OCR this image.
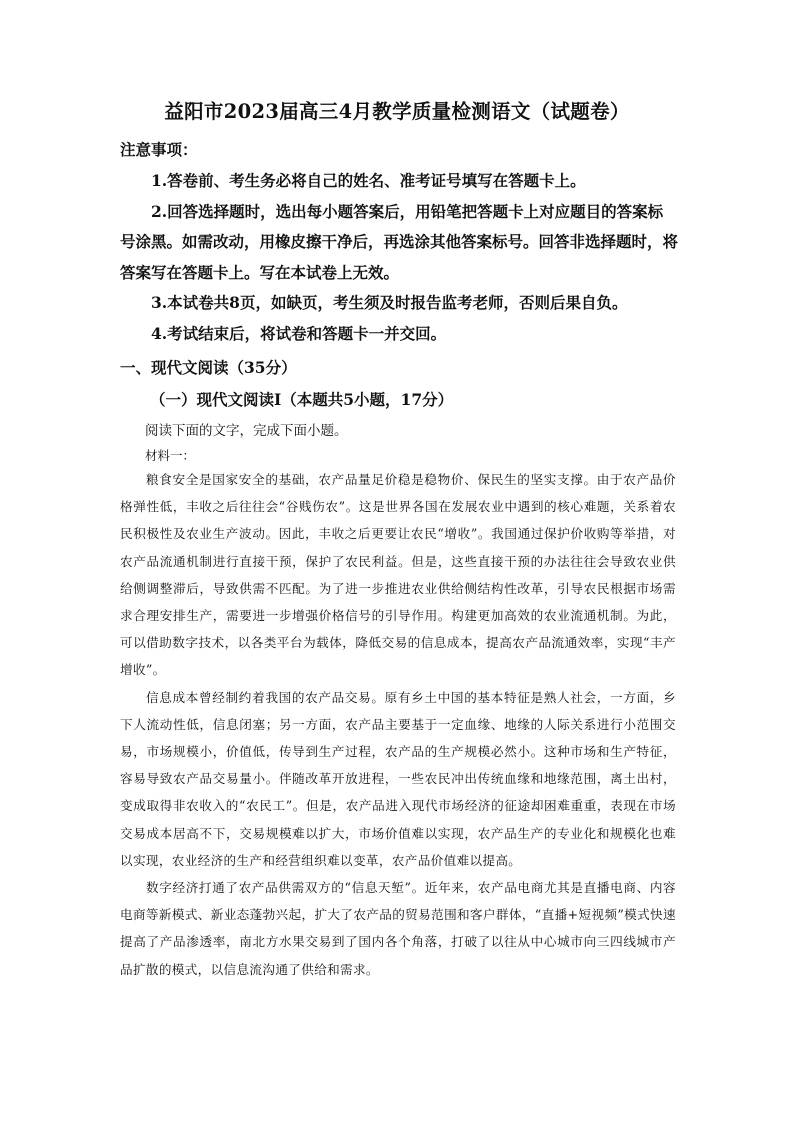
益阳市2023届高三4月教学质量检测语文（试题卷）
注意事项：

1.答卷前、考生务必将自己的姓名、准考证号填写在答题卡上。

2.回答选择题时，选出每小题答案后，用铅笔把答题卡上对应题目的答案标号涂黑。如需改动，用橡皮擦干净后，再选涂其他答案标号。回答非选择题时，将答案写在答题卡上。写在本试卷上无效。

3.本试卷共8页，如缺页，考生须及时报告监考老师，否则后果自负。

4.考试结束后，将试卷和答题卡一并交回。

一、现代文阅读（35分）
（一）现代文阅读Ⅰ（本题共5小题，17分）
阅读下面的文字，完成下面小题。
材料一：

粮食安全是国家安全的基础，农产品量足价稳是稳物价、保民生的坚实支撑。由于农产品价格弹性低，丰收之后往往会“谷贱伤农”。这是世界各国在发展农业中遇到的核心难题，关系着农民积极性及农业生产波动。因此，丰收之后更要让农民“增收”。我国通过保护价收购等举措，对农产品流通机制进行直接干预，保护了农民利益。但是，这些直接干预的办法往往会导致农业供给侧调整滞后，导致供需不匹配。为了进一步推进农业供给侧结构性改革，引导农民根据市场需求合理安排生产，需要进一步增强价格信号的引导作用。构建更加高效的农业流通机制。为此，可以借助数字技术，以各类平台为载体，降低交易的信息成本，提高农产品流通效率，实现“丰产增收”。

信息成本曾经制约着我国的农产品交易。原有乡土中国的基本特征是熟人社会，一方面，乡下人流动性低，信息闭塞；另一方面，农产品主要基于一定血缘、地缘的人际关系进行小范围交易，市场规模小，价值低，传导到生产过程，农产品的生产规模必然小。这种市场和生产特征，容易导致农产品交易量小。伴随改革开放进程，一些农民冲出传统血缘和地缘范围，离土出村，变成取得非农收入的“农民工”。但是，农产品进入现代市场经济的征途却困难重重，表现在市场交易成本居高不下，交易规模难以扩大，市场价值难以实现，农产品生产的专业化和规模化也难以实现，农业经济的生产和经营组织难以变革，农产品价值难以提高。

数字经济打通了农产品供需双方的“信息天堑”。近年来，农产品电商尤其是直播电商、内容电商等新模式、新业态蓬勃兴起，扩大了农产品的贸易范围和客户群体，“直播+短视频”模式快速提高了产品渗透率，南北方水果交易到了国内各个角落，打破了以往从中心城市向三四线城市产品扩散的模式，以信息流沟通了供给和需求。
